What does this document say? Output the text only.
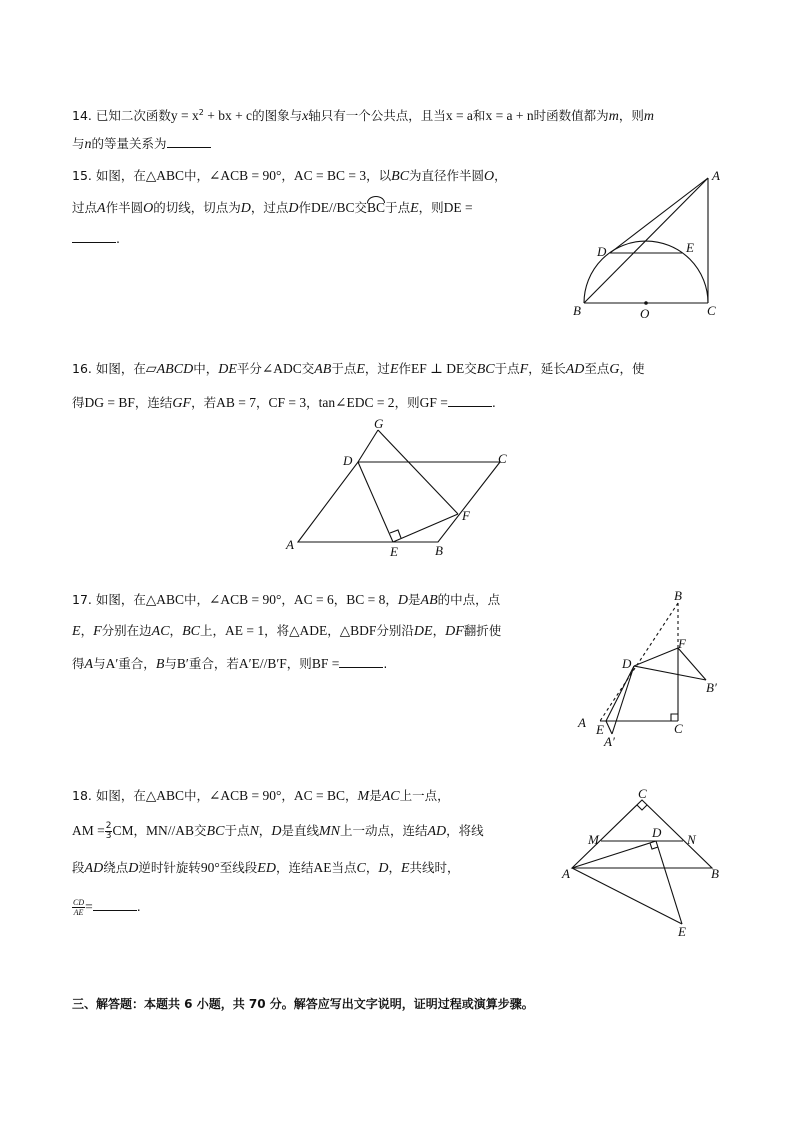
14. 已知二次函数$y = x^2$ + bx + c的图象与x轴只有一个公共点，且当x = a和x = a + n时函数值都为m，则m
与n的等量关系为
15. 如图，在△ABC中，∠ACB = 90°，AC = BC = 3，以BC为直径作半圆O，
过点A作半圆O的切线，切点为D，过点D作DE//BC交BC于点E，则DE =
.
A
B	C
D	E
O
16. 如图，在▱ABCD中，DE平分∠ADC交AB于点E，过E作EF ⊥ DE交BC于点F，延长AD至点G，使
得DG = BF，连结GF，若AB = 7，CF = 3，tan∠EDC = 2，则GF =	.
A	B
C
D
E
F
G
17. 如图，在△ABC中，∠ACB = 90°，AC = 6，BC = 8，D是AB的中点，点
E，F分别在边AC，BC上，AE = 1，将△ADE，△BDF分别沿DE，DF翻折使
得A与A′重合，B与B′重合，若A′E//B′F，则BF =	.
B
F
D
B′
A E
A′
C
18. 如图，在△ABC中，∠ACB = 90°，AC = BC，M是AC上一点，
AM = $\frac{2}{3}$ CM，MN//AB交BC于点N，D是直线MN上一动点，连结AD，将线
段AD绕点D逆时针旋转90°至线段ED，连结AE当点C，D，E共线时，
$\frac{CD}{AE}$ =	.
C
M	D N
A	B
E
三、解答题：本题共 6 小题，共 70 分。解答应写出文字说明，证明过程或演算步骤。
